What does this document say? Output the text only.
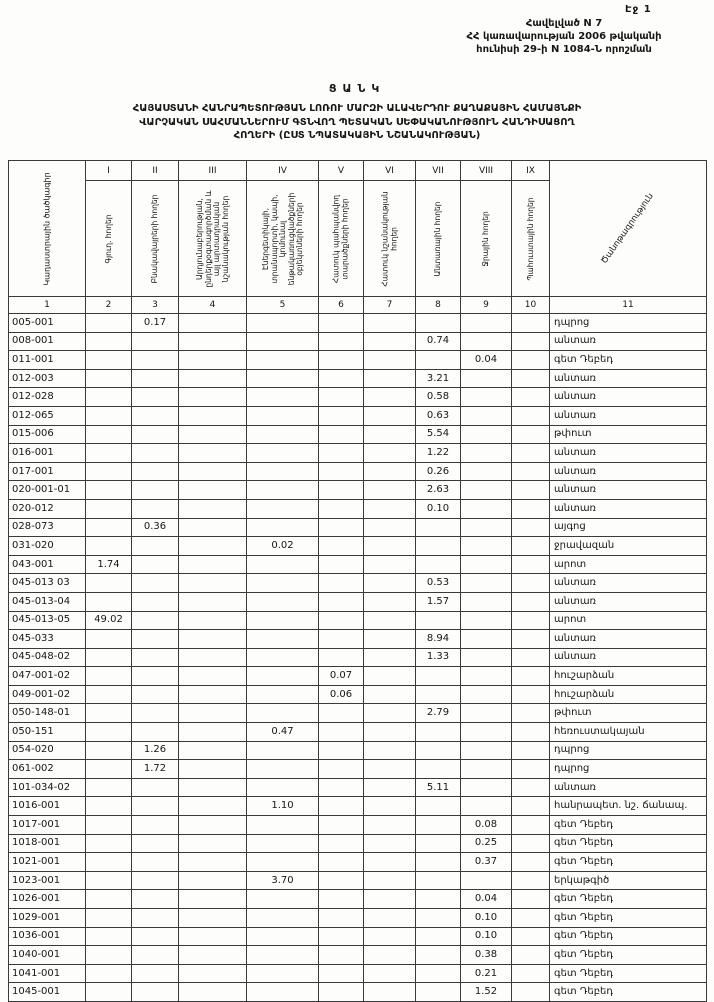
Էջ 1
Հավելված N 7
ՀՀ կառավարության 2006 թվականի
հունիսի 29-ի N 1084-Ն որոշման
ՑԱՆԿ
ՀԱՅԱՍՏԱՆԻ ՀԱՆՐԱՊԵՏՈՒԹՅԱՆ ԼՈՌՈՒ ՄԱՐԶԻ ԱԼԱՎԵՐԴՈՒ ՔԱՂԱՔԱՅԻՆ ՀԱՄԱՅՆՔԻ
ՎԱՐՉԱԿԱՆ ՍԱՀՄԱՆՆԵՐՈՒՄ ԳՏՆՎՈՂ ՊԵՏԱԿԱՆ ՍԵՓԱԿԱՆՈՒԹՅՈՒՆ ՀԱՆԴԻՍԱՑՈՂ
ՀՈՂԵՐԻ (ԸՍՏ ՆՊԱՏԱԿԱՅԻՆ ՆՇԱՆԱԿՈՒԹՅԱՆ)
Կադաստրային ծածկագիր	I	II	III	IV	V	VI	VII	VIII	IX	Ծանոթագրություն

	Գյուղ. հողեր	Բնակավայրերի հողեր	Արդյունաբերության, ընդերքօգտագործման և այլ արտադրական նշանակության հողեր	Էներգետիկայի, տրանսպորտի, կապի, կոմունալ ենթակառուցվածքների օբյեկտների հողեր	Հատուկ պահպանվող տարածքների հողեր	Հատուկ նշանակության հողեր	Անտառային հողեր	Ջրային հողեր	Պահուստային հողեր	

1	2	3	4	5	6	7	8	9	10	11
005-001		0.17								դպրոց
008-001							0.74			անտառ
011-001								0.04		գետ Դեբեդ
012-003							3.21			անտառ
012-028							0.58			անտառ
012-065							0.63			անտառ
015-006							5.54			թփուտ
016-001							1.22			անտառ
017-001							0.26			անտառ
020-001-01							2.63			անտառ
020-012							0.10			անտառ
028-073		0.36								այգոց
031-020				0.02						ջրավազան
043-001	1.74									արոտ
045-013 03							0.53			անտառ
045-013-04							1.57			անտառ
045-013-05	49.02									արոտ
045-033							8.94			անտառ
045-048-02							1.33			անտառ
047-001-02					0.07					հուշարձան
049-001-02					0.06					հուշարձան
050-148-01							2.79			թփուտ
050-151				0.47						հեռուստակայան
054-020		1.26								դպրոց
061-002		1.72								դպրոց
101-034-02							5.11			անտառ
1016-001				1.10						հանրապետ. նշ. ճանապ.
1017-001								0.08		գետ Դեբեդ
1018-001								0.25		գետ Դեբեդ
1021-001								0.37		գետ Դեբեդ
1023-001				3.70						երկաթգիծ
1026-001								0.04		գետ Դեբեդ
1029-001								0.10		գետ Դեբեդ
1036-001								0.10		գետ Դեբեդ
1040-001								0.38		գետ Դեբեդ
1041-001								0.21		գետ Դեբեդ
1045-001								1.52		գետ Դեբեդ
